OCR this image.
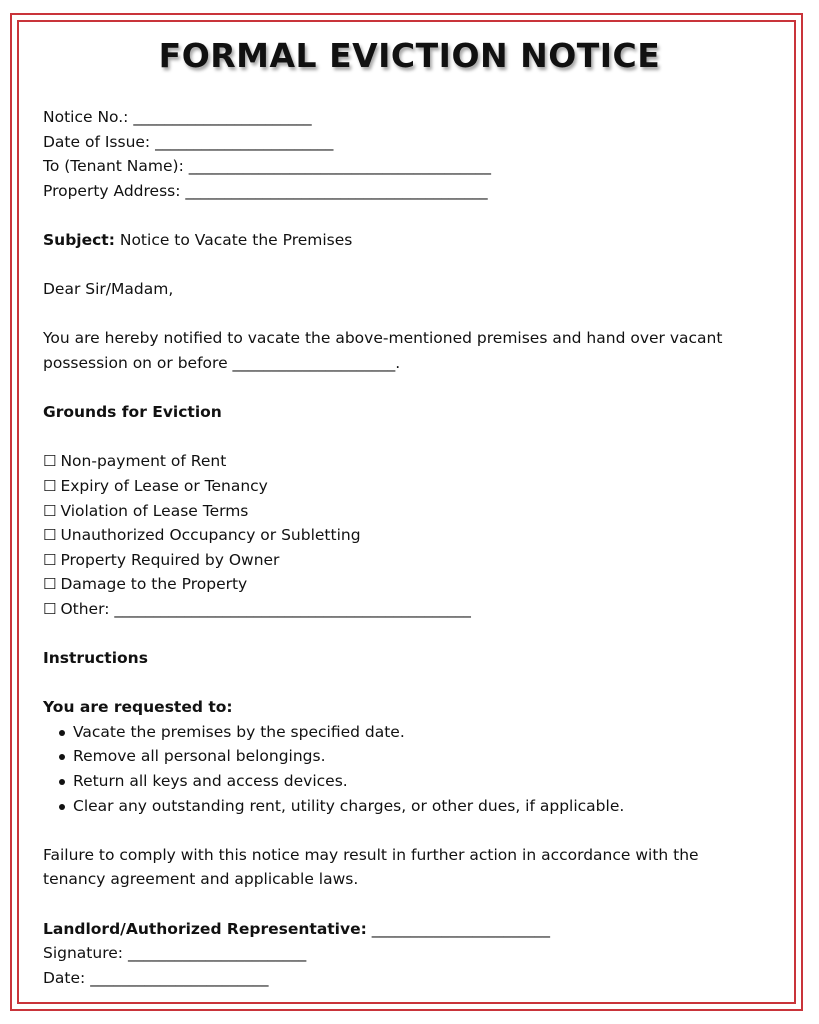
FORMAL EVICTION NOTICE
Notice No.: _______________________
Date of Issue: _______________________
To (Tenant Name): _______________________________________
Property Address: _______________________________________
Subject: Notice to Vacate the Premises
Dear Sir/Madam,
You are hereby notified to vacate the above-mentioned premises and hand over vacant
possession on or before _____________________.
Grounds for Eviction
☐ Non-payment of Rent
☐ Expiry of Lease or Tenancy
☐ Violation of Lease Terms
☐ Unauthorized Occupancy or Subletting
☐ Property Required by Owner
☐ Damage to the Property
☐ Other: ______________________________________________
Instructions
You are requested to:
Vacate the premises by the specified date.
Remove all personal belongings.
Return all keys and access devices.
Clear any outstanding rent, utility charges, or other dues, if applicable.
Failure to comply with this notice may result in further action in accordance with the
tenancy agreement and applicable laws.
Landlord/Authorized Representative: _______________________
Signature: _______________________
Date: _______________________
